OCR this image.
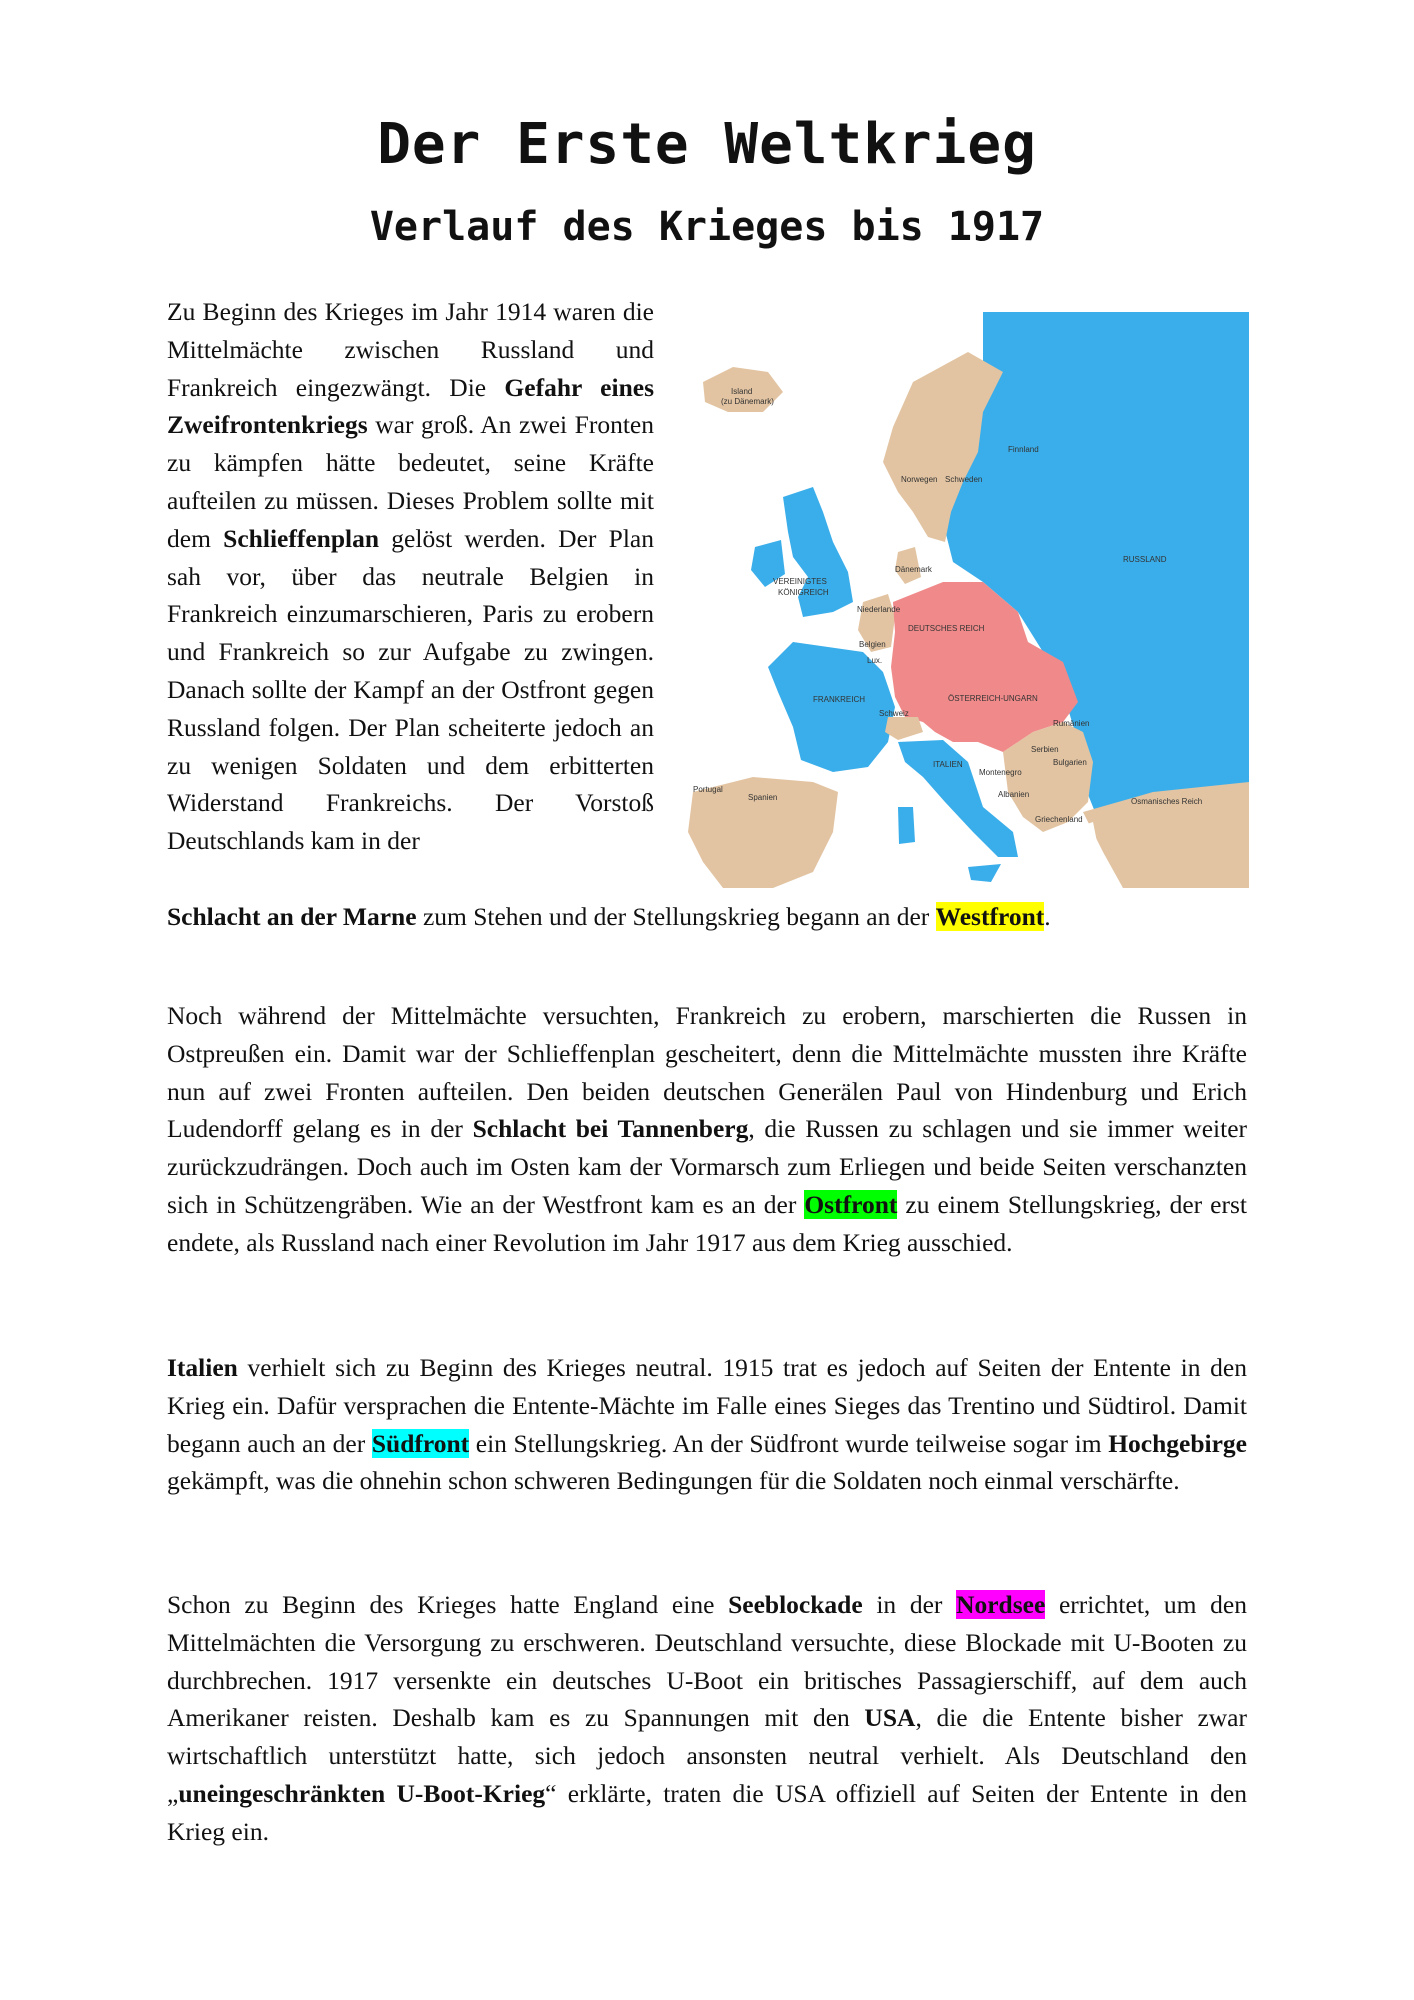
Der Erste Weltkrieg
Verlauf des Krieges bis 1917

Zu Beginn des Krieges im Jahr 1914 waren die Mittelmächte zwischen Russland und Frankreich eingezwängt. Die Gefahr eines Zweifrontenkriegs war groß. An zwei Fronten zu kämpfen hätte bedeutet, seine Kräfte aufteilen zu müssen. Dieses Problem sollte mit dem Schlieffenplan gelöst werden. Der Plan sah vor, über das neutrale Belgien in Frankreich einzumarschieren, Paris zu erobern und Frankreich so zur Aufgabe zu zwingen. Danach sollte der Kampf an der Ostfront gegen Russland folgen. Der Plan scheiterte jedoch an zu wenigen Soldaten und dem erbitterten Widerstand Frankreichs. Der Vorstoß Deutschlands kam in der

Schlacht an der Marne zum Stehen und der Stellungskrieg begann an der Westfront.

Island
(zu Dänemark)
Finnland
Norwegen Schweden
RUSSLAND
Dänemark
VEREINIGTES
KÖNIGREICH
Niederlande
DEUTSCHES REICH
Belgien
Lux.
FRANKREICH	ÖSTERREICH-UNGARN
Schweiz
Rumänien
Serbien
Bulgarien
ITALIEN
Montenegro
Portugal
Spanien	Albanien
Griechenland
Osmanisches Reich

Noch während der Mittelmächte versuchten, Frankreich zu erobern, marschierten die Russen in Ostpreußen ein. Damit war der Schlieffenplan gescheitert, denn die Mittelmächte mussten ihre Kräfte nun auf zwei Fronten aufteilen. Den beiden deutschen Generälen Paul von Hindenburg und Erich Ludendorff gelang es in der Schlacht bei Tannenberg, die Russen zu schlagen und sie immer weiter zurückzudrängen. Doch auch im Osten kam der Vormarsch zum Erliegen und beide Seiten verschanzten sich in Schützengräben. Wie an der Westfront kam es an der Ostfront zu einem Stellungskrieg, der erst endete, als Russland nach einer Revolution im Jahr 1917 aus dem Krieg ausschied.

Italien verhielt sich zu Beginn des Krieges neutral. 1915 trat es jedoch auf Seiten der Entente in den Krieg ein. Dafür versprachen die Entente-Mächte im Falle eines Sieges das Trentino und Südtirol. Damit begann auch an der Südfront ein Stellungskrieg. An der Südfront wurde teilweise sogar im Hochgebirge gekämpft, was die ohnehin schon schweren Bedingungen für die Soldaten noch einmal verschärfte.

Schon zu Beginn des Krieges hatte England eine Seeblockade in der Nordsee errichtet, um den Mittelmächten die Versorgung zu erschweren. Deutschland versuchte, diese Blockade mit U-Booten zu durchbrechen. 1917 versenkte ein deutsches U-Boot ein britisches Passagierschiff, auf dem auch Amerikaner reisten. Deshalb kam es zu Spannungen mit den USA, die die Entente bisher zwar wirtschaftlich unterstützt hatte, sich jedoch ansonsten neutral verhielt. Als Deutschland den „uneingeschränkten U-Boot-Krieg“ erklärte, traten die USA offiziell auf Seiten der Entente in den Krieg ein.
